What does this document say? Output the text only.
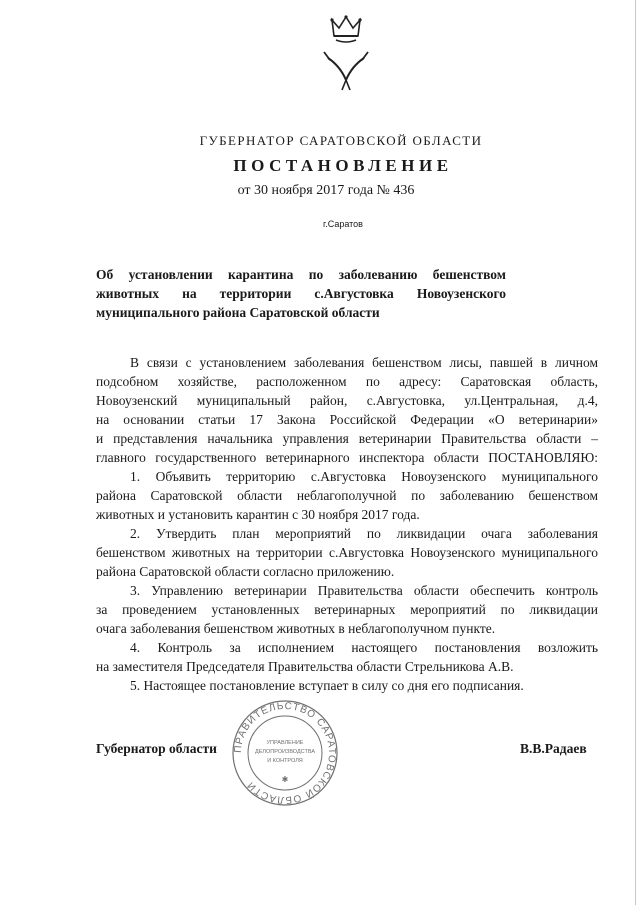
ГУБЕРНАТОР САРАТОВСКОЙ ОБЛАСТИ
ПОСТАНОВЛЕНИЕ
от 30 ноября 2017 года № 436
г.Саратов
Об установлении карантина по заболеванию бешенством
животных на территории с.Августовка Новоузенского
муниципального района Саратовской области
В связи с установлением заболевания бешенством лисы, павшей в личном
подсобном хозяйстве, расположенном по адресу: Саратовская область,
Новоузенский муниципальный район, с.Августовка, ул.Центральная, д.4,
на основании статьи 17 Закона Российской Федерации «О ветеринарии»
и представления начальника управления ветеринарии Правительства области –
главного государственного ветеринарного инспектора области ПОСТАНОВЛЯЮ:
1. Объявить территорию с.Августовка Новоузенского муниципального
района Саратовской области неблагополучной по заболеванию бешенством
животных и установить карантин с 30 ноября 2017 года.
2. Утвердить план мероприятий по ликвидации очага заболевания
бешенством животных на территории с.Августовка Новоузенского муниципального
района Саратовской области согласно приложению.
3. Управлению ветеринарии Правительства области обеспечить контроль
за проведением установленных ветеринарных мероприятий по ликвидации
очага заболевания бешенством животных в неблагополучном пункте.
4. Контроль за исполнением настоящего постановления возложить
на заместителя Председателя Правительства области Стрельникова А.В.
5. Настоящее постановление вступает в силу со дня его подписания.
Губернатор области	В.В.Радаев
ПРАВИТЕЛЬСТВО САРАТОВСКОЙ ОБЛАСТИ
УПРАВЛЕНИЕ
ДЕЛОПРОИЗВОДСТВА
И КОНТРОЛЯ
✱
